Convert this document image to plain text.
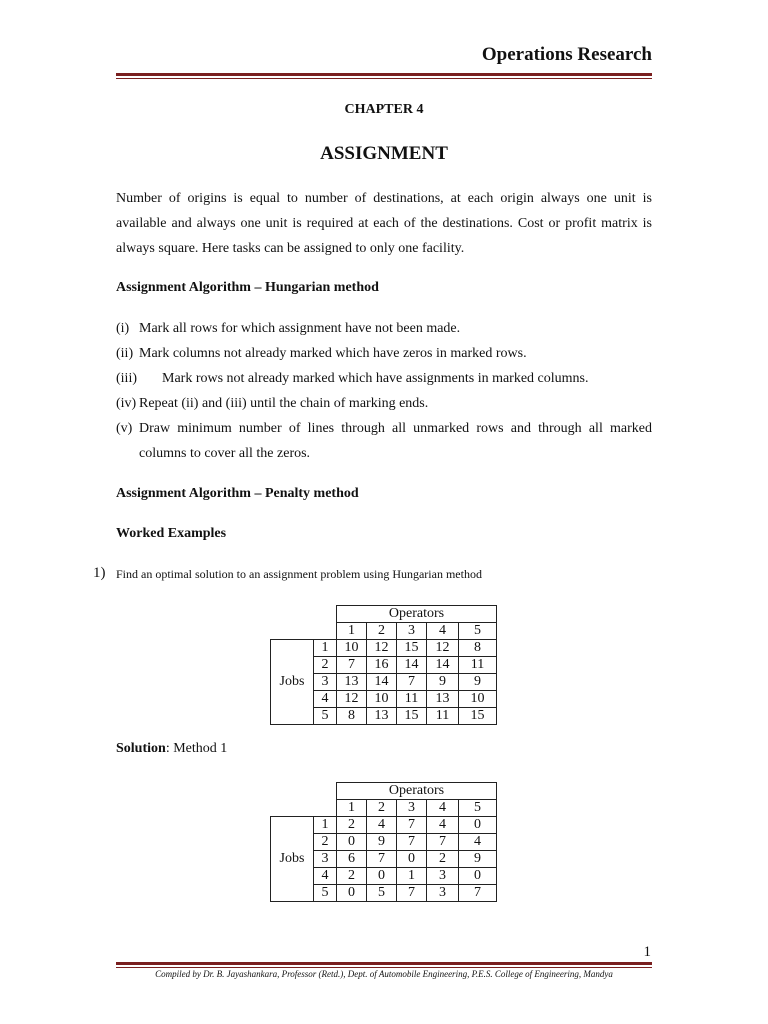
Operations Research
CHAPTER 4
ASSIGNMENT

Number of origins is equal to number of destinations, at each origin always one unit is available and always one unit is required at each of the destinations. Cost or profit matrix is always square. Here tasks can be assigned to only one facility.

Assignment Algorithm – Hungarian method
(i) Mark all rows for which assignment have not been made.
(ii) Mark columns not already marked which have zeros in marked rows.
(iii) Mark rows not already marked which have assignments in marked columns.
(iv) Repeat (ii) and (iii) until the chain of marking ends.
(v) Draw minimum number of lines through all unmarked rows and through all marked columns to cover all the zeros.
Assignment Algorithm – Penalty method
Worked Examples
1) Find an optimal solution to an assignment problem using Hungarian method
		Operators				
		1	2	3	4	5
Jobs	1	10	12	15	12	8
	2	7	16	14	14	11
	3	13	14	7	9	9
	4	12	10	11	13	10
	5	8	13	15	11	15
Solution: Method 1
		Operators				
		1	2	3	4	5
Jobs	1	2	4	7	4	0
	2	0	9	7	7	4
	3	6	7	0	2	9
	4	2	0	1	3	0
	5	0	5	7	3	7
1
Compiled by Dr. B. Jayashankara, Professor (Retd.), Dept. of Automobile Engineering, P.E.S. College of Engineering, Mandya
